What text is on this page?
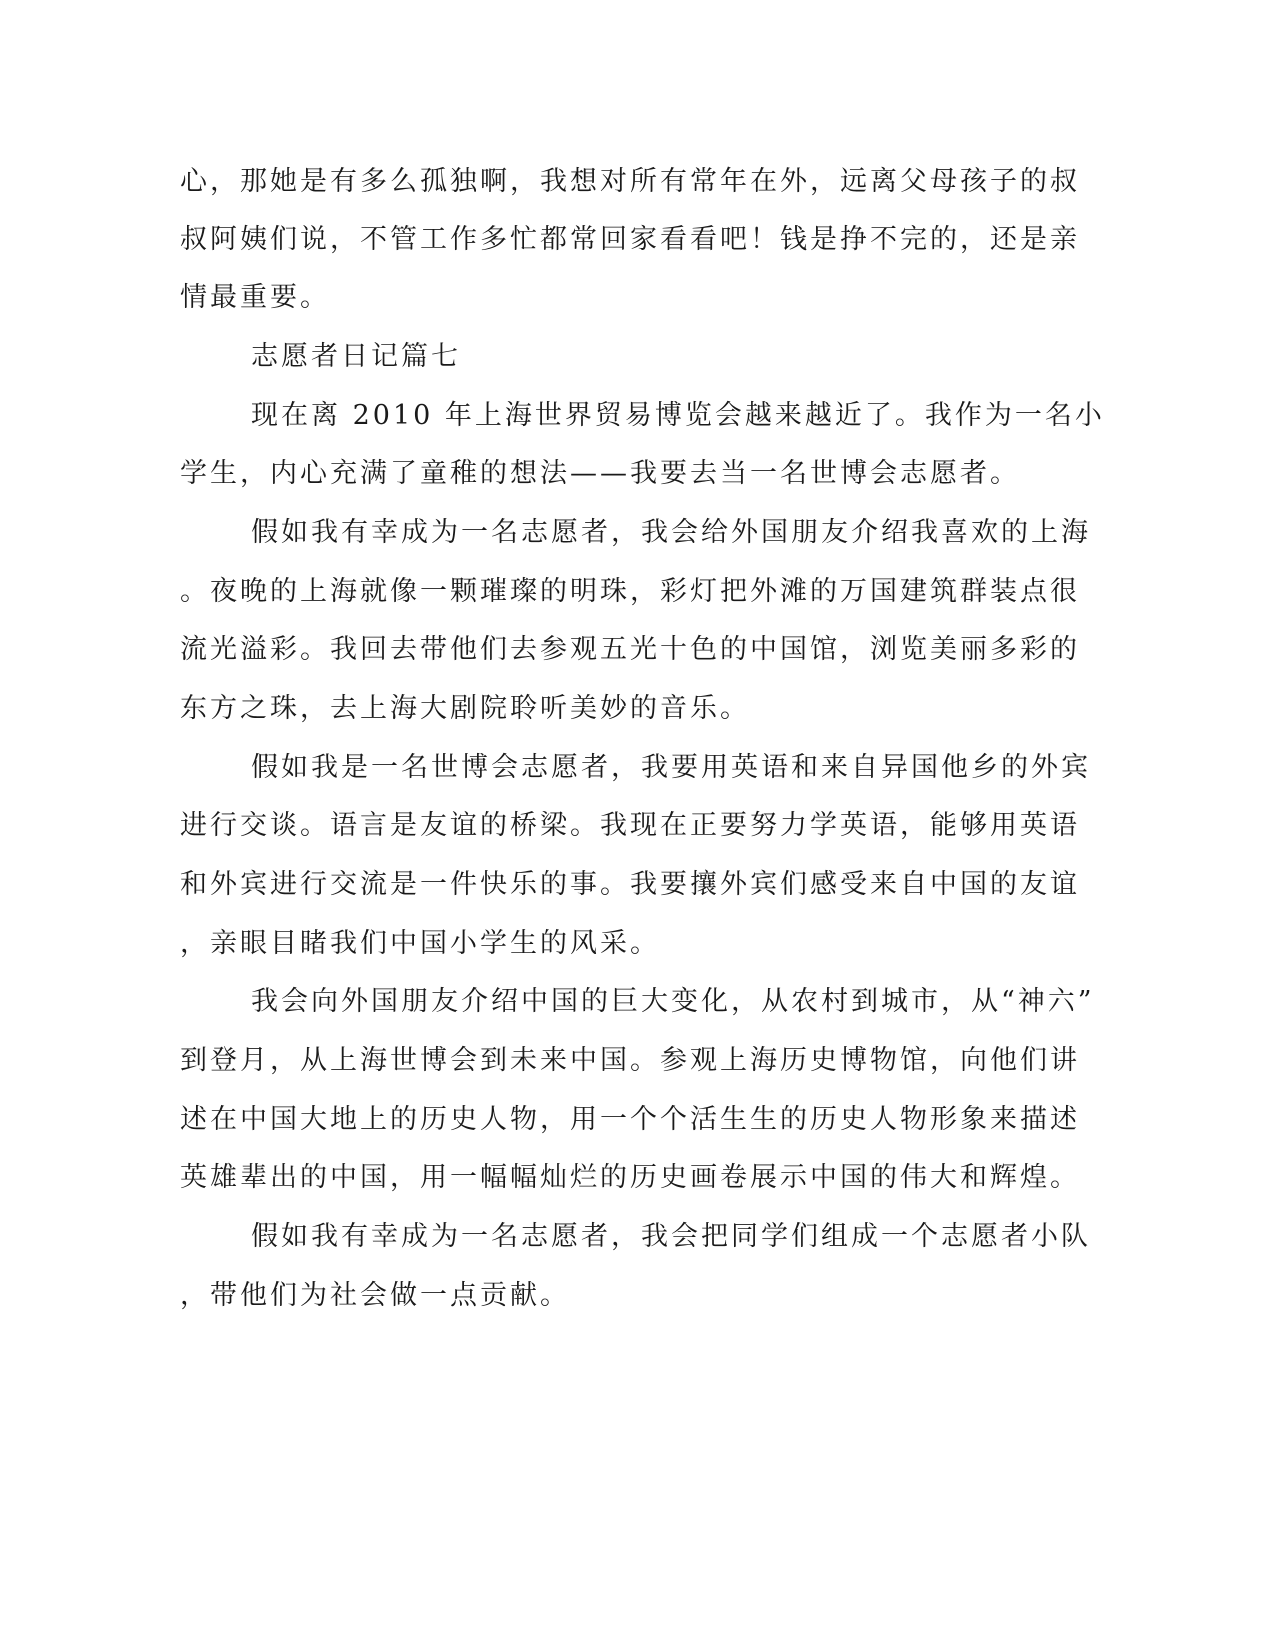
心，那她是有多么孤独啊，我想对所有常年在外，远离父母孩子的叔
叔阿姨们说，不管工作多忙都常回家看看吧！钱是挣不完的，还是亲
情最重要。
志愿者日记篇七
现在离 2010 年上海世界贸易博览会越来越近了。我作为一名小
学生，内心充满了童稚的想法——我要去当一名世博会志愿者。
假如我有幸成为一名志愿者，我会给外国朋友介绍我喜欢的上海
。夜晚的上海就像一颗璀璨的明珠，彩灯把外滩的万国建筑群装点很
流光溢彩。我回去带他们去参观五光十色的中国馆，浏览美丽多彩的
东方之珠，去上海大剧院聆听美妙的音乐。
假如我是一名世博会志愿者，我要用英语和来自异国他乡的外宾
进行交谈。语言是友谊的桥梁。我现在正要努力学英语，能够用英语
和外宾进行交流是一件快乐的事。我要攘外宾们感受来自中国的友谊
，亲眼目睹我们中国小学生的风采。
我会向外国朋友介绍中国的巨大变化，从农村到城市，从“神六”
到登月，从上海世博会到未来中国。参观上海历史博物馆，向他们讲
述在中国大地上的历史人物，用一个个活生生的历史人物形象来描述
英雄辈出的中国，用一幅幅灿烂的历史画卷展示中国的伟大和辉煌。
假如我有幸成为一名志愿者，我会把同学们组成一个志愿者小队
，带他们为社会做一点贡献。
